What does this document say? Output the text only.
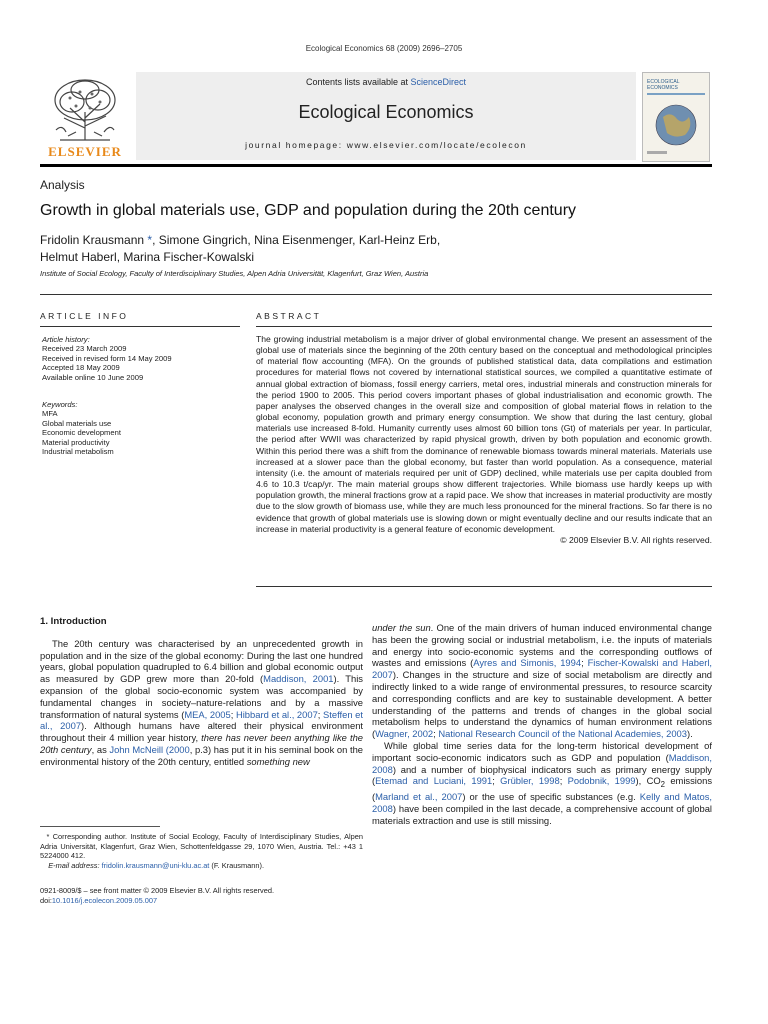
Ecological Economics 68 (2009) 2696–2705
ELSEVIER
Contents lists available at ScienceDirect
Ecological Economics
journal homepage: www.elsevier.com/locate/ecolecon
ECOLOGICAL ECONOMICS
Analysis
Growth in global materials use, GDP and population during the 20th century
Fridolin Krausmann *, Simone Gingrich, Nina Eisenmenger, Karl-Heinz Erb,
Helmut Haberl, Marina Fischer-Kowalski
Institute of Social Ecology, Faculty of Interdisciplinary Studies, Alpen Adria Universität, Klagenfurt, Graz Wien, Austria
ARTICLE INFO	ABSTRACT
Article history:
Received 23 March 2009
Received in revised form 14 May 2009
Accepted 18 May 2009
Available online 10 June 2009
Keywords:
MFA
Global materials use
Economic development
Material productivity
Industrial metabolism
The growing industrial metabolism is a major driver of global environmental change. We present an assessment of the global use of materials since the beginning of the 20th century based on the conceptual and methodological principles of material flow accounting (MFA). On the grounds of published statistical data, data compilations and estimation procedures for material flows not covered by international statistical sources, we compiled a quantitative estimate of annual global extraction of biomass, fossil energy carriers, metal ores, industrial minerals and construction minerals for the period 1900 to 2005. This period covers important phases of global industrialisation and economic growth. The paper analyses the observed changes in the overall size and composition of global material flows in relation to the global economy, population growth and primary energy consumption. We show that during the last century, global materials use increased 8-fold. Humanity currently uses almost 60 billion tons (Gt) of materials per year. In particular, the period after WWII was characterized by rapid physical growth, driven by both population and economic growth. Within this period there was a shift from the dominance of renewable biomass towards mineral materials. Materials use increased at a slower pace than the global economy, but faster than world population. As a consequence, material intensity (i.e. the amount of materials required per unit of GDP) declined, while materials use per capita doubled from 4.6 to 10.3 t/cap/yr. The main material groups show different trajectories. While biomass use hardly keeps up with population growth, the mineral fractions grow at a rapid pace. We show that increases in material productivity are mostly due to the slow growth of biomass use, while they are much less pronounced for the mineral fractions. So far there is no evidence that growth of global materials use is slowing down or might eventually decline and our results indicate that an increase in material productivity is a general feature of economic development.
© 2009 Elsevier B.V. All rights reserved.
1. Introduction

The 20th century was characterised by an unprecedented growth in population and in the size of the global economy: During the last one hundred years, global population quadrupled to 6.4 billion and global economic output as measured by GDP grew more than 20-fold (Maddison, 2001). This expansion of the global socio-economic system was accompanied by fundamental changes in society–nature-relations and by a massive transformation of natural systems (MEA, 2005; Hibbard et al., 2007; Steffen et al., 2007). Although humans have altered their physical environment throughout their 4 million year history, there has never been anything like the 20th century, as John McNeill (2000, p.3) has put it in his seminal book on the environmental history of the 20th century, entitled something new

under the sun. One of the main drivers of human induced environmental change has been the growing social or industrial metabolism, i.e. the inputs of materials and energy into socio-economic systems and the corresponding outflows of wastes and emissions (Ayres and Simonis, 1994; Fischer-Kowalski and Haberl, 2007). Changes in the structure and size of social metabolism are directly and indirectly linked to a wide range of environmental pressures, to resource scarcity and corresponding conflicts and are key to sustainable development. A better understanding of the patterns and trends of changes in the global social metabolism helps to understand the dynamics of human environment relations (Wagner, 2002; National Research Council of the National Academies, 2003).

While global time series data for the long-term historical development of important socio-economic indicators such as GDP and population (Maddison, 2008) and a number of biophysical indicators such as primary energy supply (Etemad and Luciani, 1991; Grübler, 1998; Podobnik, 1999), $CO_2$ emissions (Marland et al., 2007) or the use of specific substances (e.g. Kelly and Matos, 2008) have been compiled in the last decade, a comprehensive account of global materials extraction and use is still missing.

* Corresponding author. Institute of Social Ecology, Faculty of Interdisciplinary Studies, Alpen Adria Universität, Klagenfurt, Graz Wien, Schottenfeldgasse 29, 1070 Wien, Austria. Tel.: +43 1 5224000 412.

E-mail address: fridolin.krausmann@uni-klu.ac.at (F. Krausmann).

0921-8009/$ – see front matter © 2009 Elsevier B.V. All rights reserved.
doi:10.1016/j.ecolecon.2009.05.007
